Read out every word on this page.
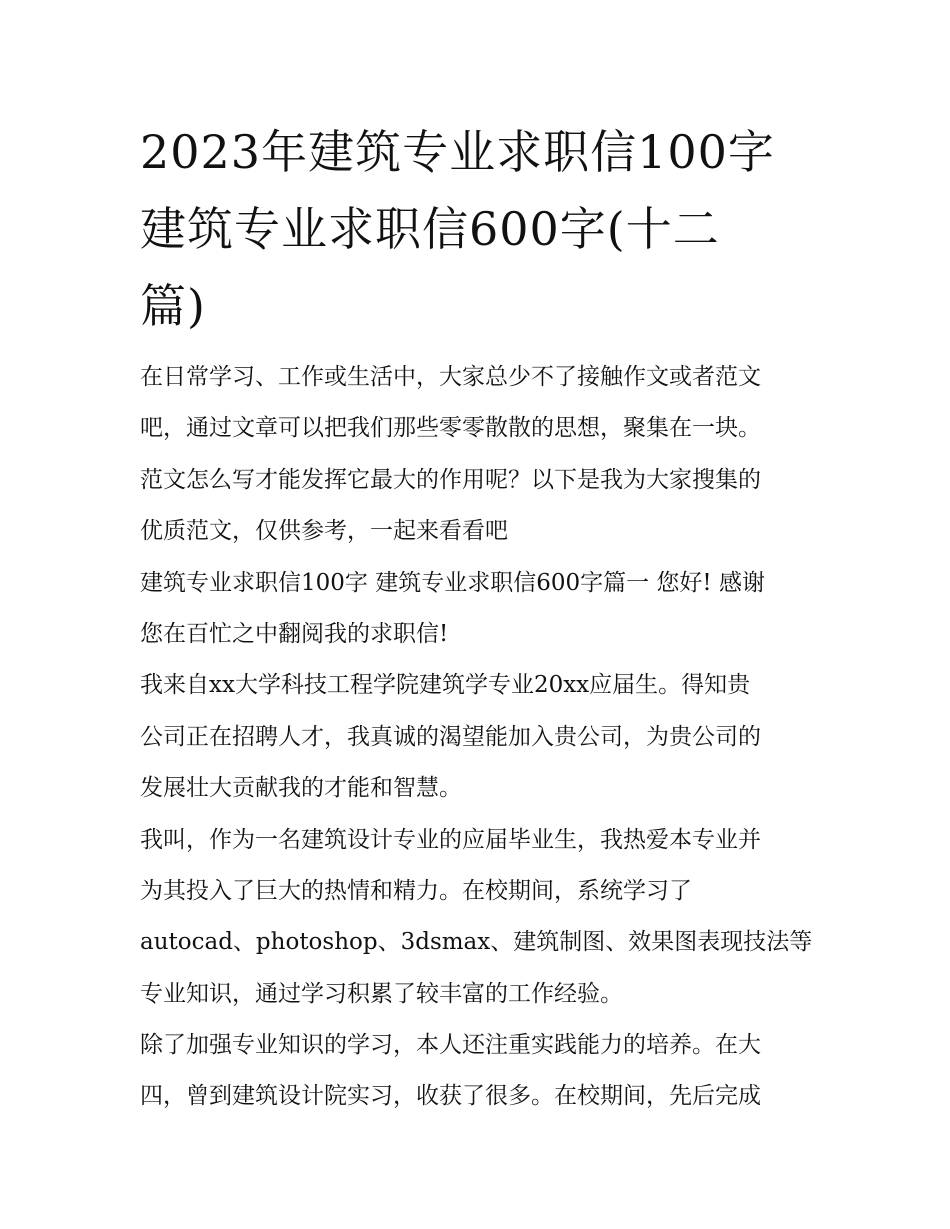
2023年建筑专业求职信100字
建筑专业求职信600字(十二
篇)
在日常学习、工作或生活中，大家总少不了接触作文或者范文
吧，通过文章可以把我们那些零零散散的思想，聚集在一块。
范文怎么写才能发挥它最大的作用呢？以下是我为大家搜集的
优质范文，仅供参考，一起来看看吧
建筑专业求职信100字 建筑专业求职信600字篇一 您好! 感谢
您在百忙之中翻阅我的求职信!
我来自xx大学科技工程学院建筑学专业20xx应届生。得知贵
公司正在招聘人才，我真诚的渴望能加入贵公司，为贵公司的
发展壮大贡献我的才能和智慧。
我叫，作为一名建筑设计专业的应届毕业生，我热爱本专业并
为其投入了巨大的热情和精力。在校期间，系统学习了
autocad、photoshop、3dsmax、建筑制图、效果图表现技法等
专业知识，通过学习积累了较丰富的工作经验。
除了加强专业知识的学习，本人还注重实践能力的培养。在大
四，曾到建筑设计院实习，收获了很多。在校期间，先后完成
